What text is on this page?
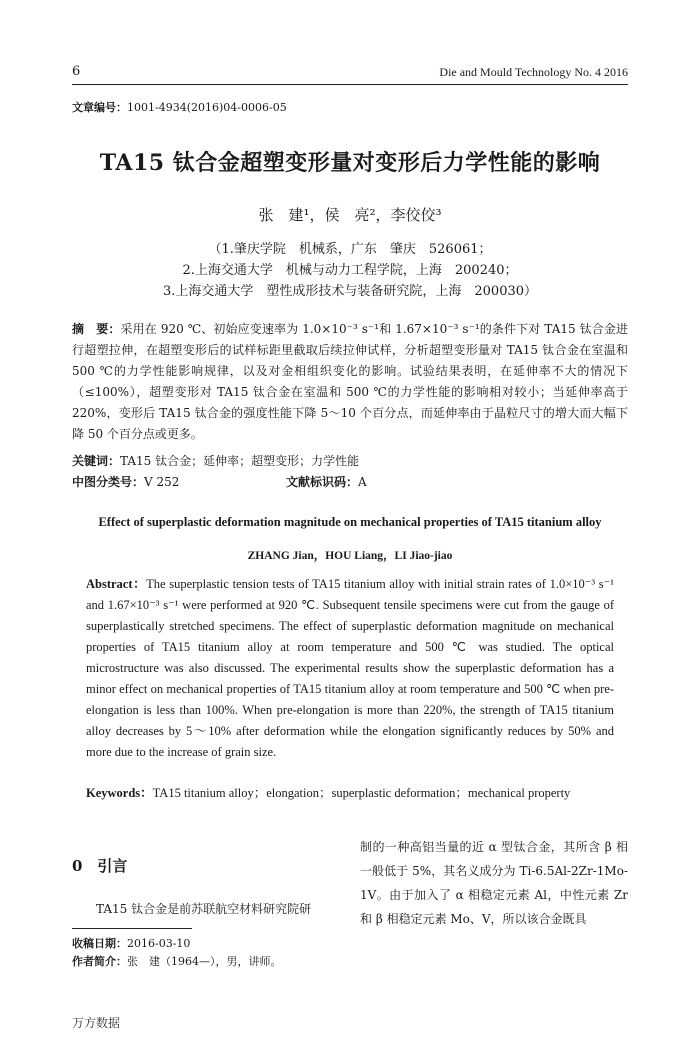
6	Die and Mould Technology No. 4 2016
文章编号：1001-4934(2016)04-0006-05
TA15 钛合金超塑变形量对变形后力学性能的影响
张　建¹，侯　亮²，李佼佼³
（1.肇庆学院　机械系，广东　肇庆　526061；
2.上海交通大学　机械与动力工程学院，上海　200240；
3.上海交通大学　塑性成形技术与装备研究院，上海　200030）
摘　要：采用在 920 ℃、初始应变速率为 1.0×10⁻³ s⁻¹和 1.67×10⁻³ s⁻¹的条件下对 TA15 钛合金进行超塑拉伸，在超塑变形后的试样标距里截取后续拉伸试样，分析超塑变形量对 TA15 钛合金在室温和 500 ℃的力学性能影响规律，以及对金相组织变化的影响。试验结果表明，在延伸率不大的情况下（≤100%），超塑变形对 TA15 钛合金在室温和 500 ℃的力学性能的影响相对较小；当延伸率高于 220%，变形后 TA15 钛合金的强度性能下降 5～10 个百分点，而延伸率由于晶粒尺寸的增大而大幅下降 50 个百分点或更多。
关键词：TA15 钛合金；延伸率；超塑变形；力学性能
中图分类号：V 252	文献标识码：A
Effect of superplastic deformation magnitude on mechanical properties of TA15 titanium alloy
ZHANG Jian，HOU Liang，LI Jiao-jiao
Abstract：The superplastic tension tests of TA15 titanium alloy with initial strain rates of 1.0×10⁻³ s⁻¹ and 1.67×10⁻³ s⁻¹ were performed at 920 ℃. Subsequent tensile specimens were cut from the gauge of superplastically stretched specimens. The effect of superplastic deformation magnitude on mechanical properties of TA15 titanium alloy at room temperature and 500 ℃ was studied. The optical microstructure was also discussed. The experimental results show the superplastic deformation has a minor effect on mechanical properties of TA15 titanium alloy at room temperature and 500 ℃ when pre-elongation is less than 100%. When pre-elongation is more than 220%, the strength of TA15 titanium alloy decreases by 5～10% after deformation while the elongation significantly reduces by 50% and more due to the increase of grain size.
Keywords：TA15 titanium alloy；elongation；superplastic deformation；mechanical property
0　引言
TA15 钛合金是前苏联航空材料研究院研
制的一种高铝当量的近 α 型钛合金，其所含 β 相一般低于 5%，其名义成分为 Ti-6.5Al-2Zr-1Mo-1V。由于加入了 α 相稳定元素 Al，中性元素 Zr 和 β 相稳定元素 Mo、V，所以该合金既具
收稿日期：2016-03-10
作者简介：张　建（1964—），男，讲师。
万方数据
